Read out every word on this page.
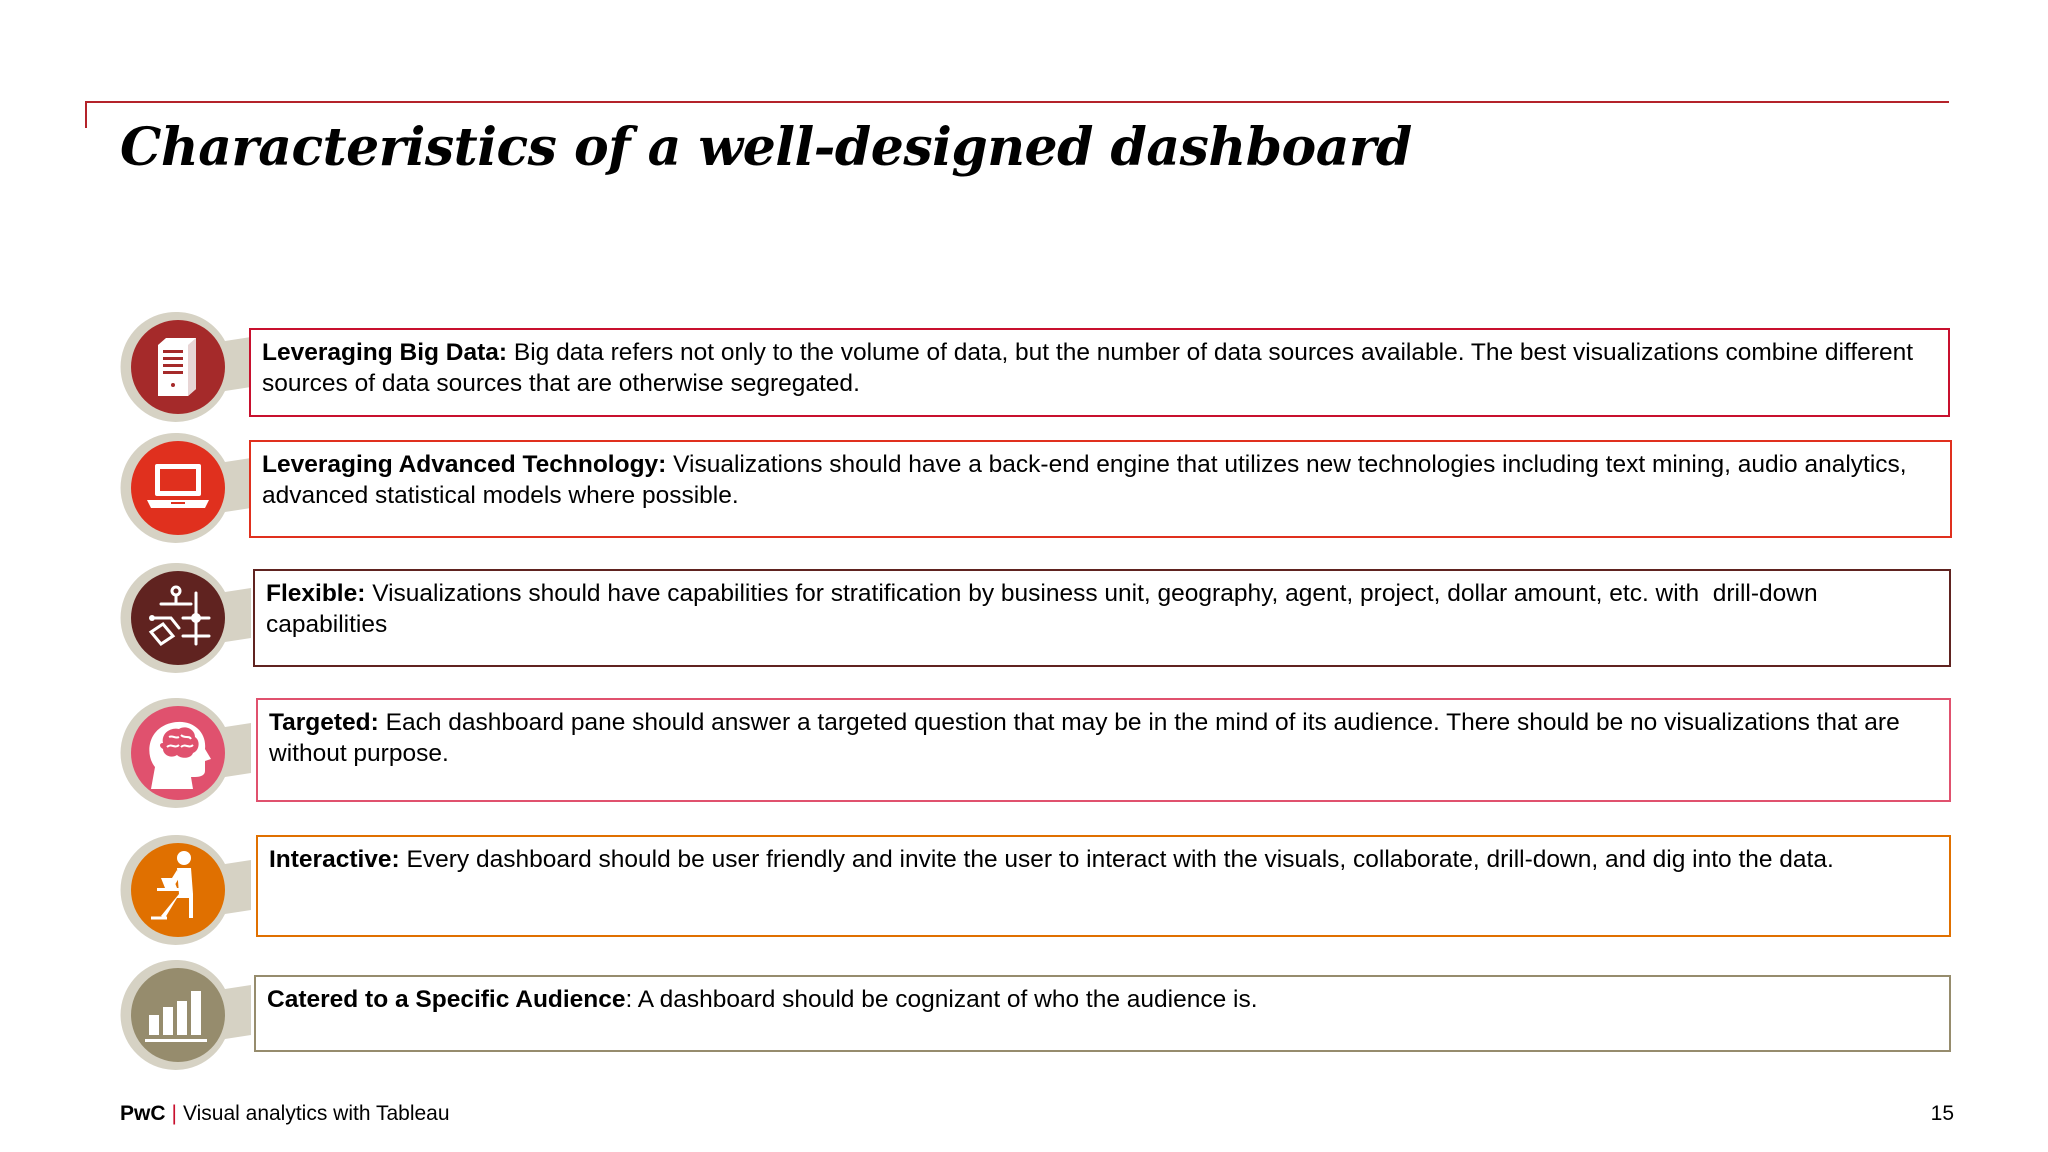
Characteristics of a well-designed dashboard
Leveraging Big Data: Big data refers not only to the volume of data, but the number of data sources available. The best visualizations combine different sources of data sources that are otherwise segregated.
Leveraging Advanced Technology: Visualizations should have a back-end engine that utilizes new technologies including text mining, audio analytics, advanced statistical models where possible.
Flexible: Visualizations should have capabilities for stratification by business unit, geography, agent, project, dollar amount, etc. with  drill-down capabilities
Targeted: Each dashboard pane should answer a targeted question that may be in the mind of its audience. There should be no visualizations that are without purpose.
Interactive: Every dashboard should be user friendly and invite the user to interact with the visuals, collaborate, drill-down, and dig into the data.
Catered to a Specific Audience: A dashboard should be cognizant of who the audience is.
PwC | Visual analytics with Tableau	15
